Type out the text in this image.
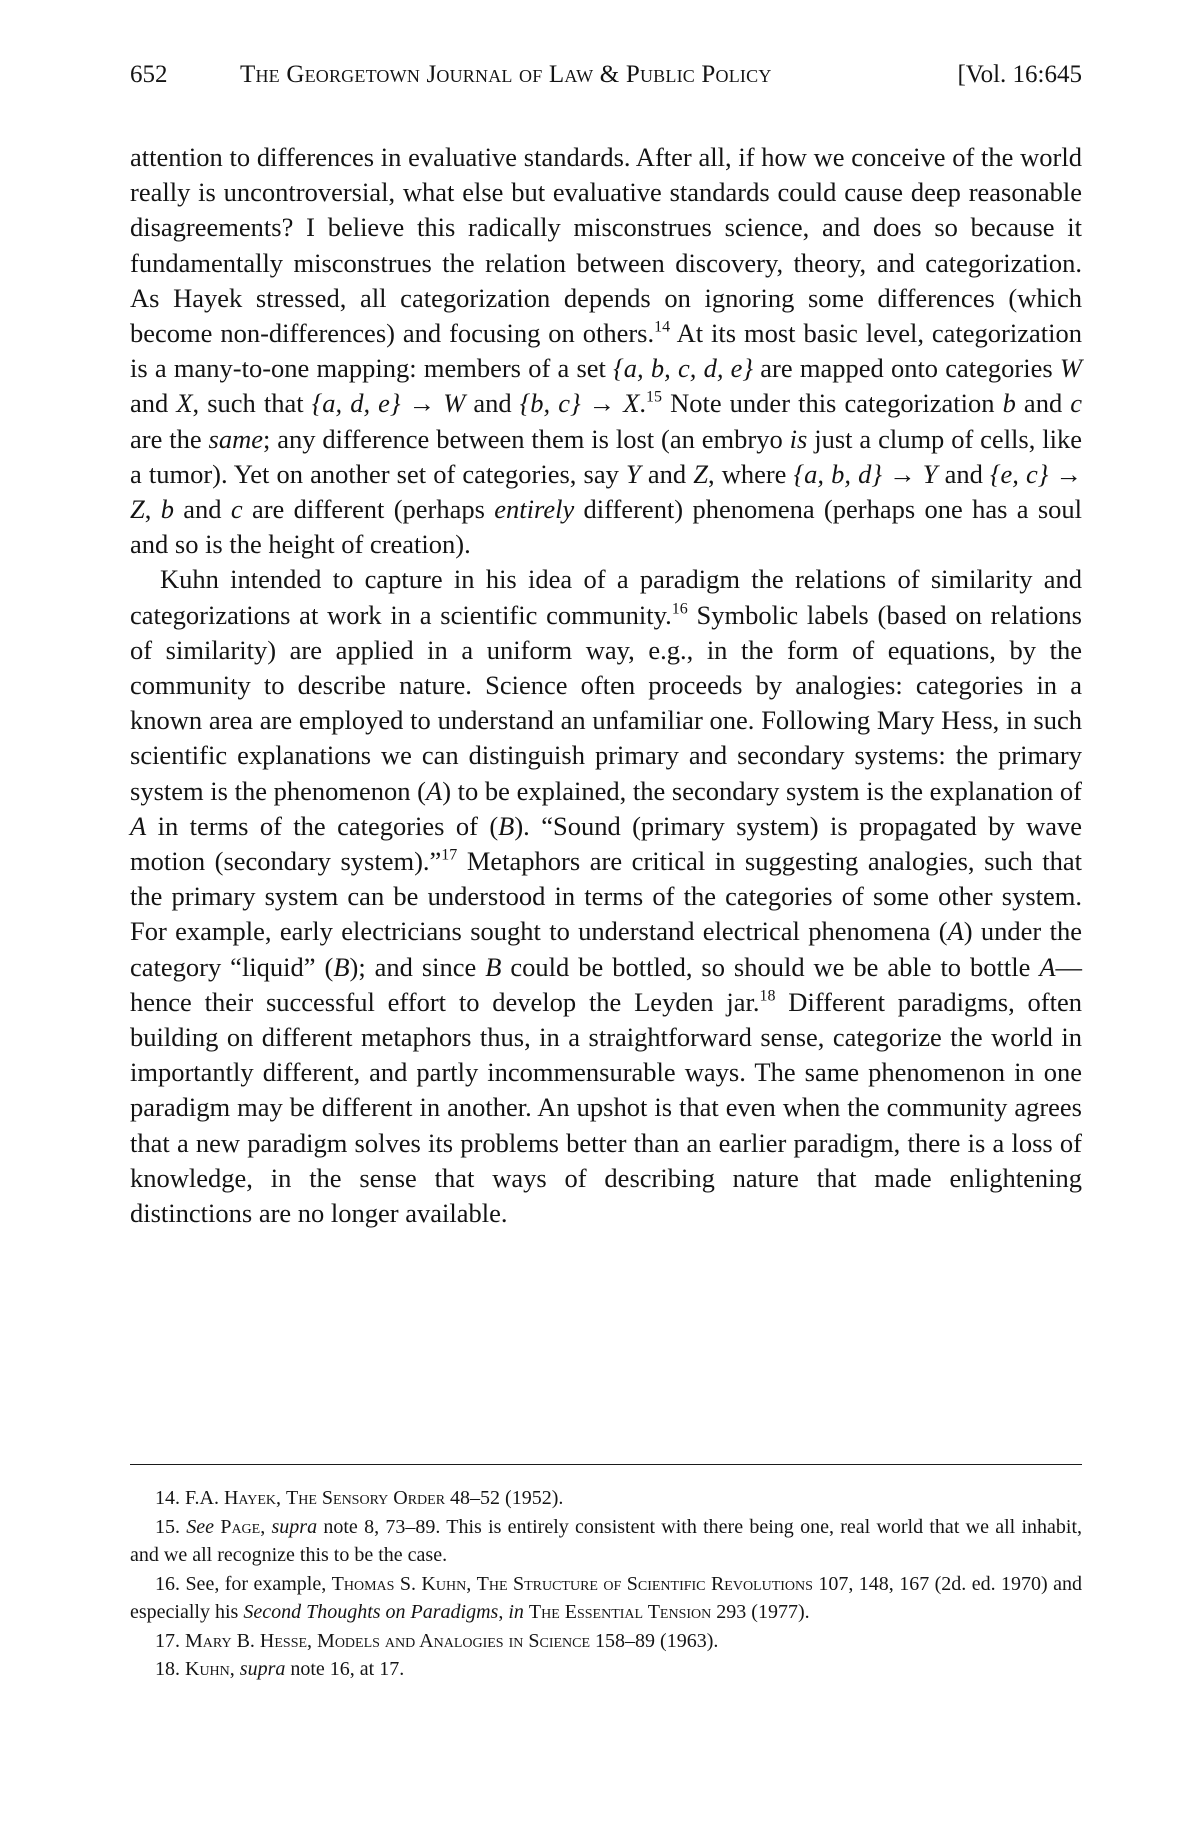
652	The Georgetown Journal of Law & Public Policy	[Vol. 16:645

attention to differences in evaluative standards. After all, if how we conceive of the world really is uncontroversial, what else but evaluative standards could cause deep reasonable disagreements? I believe this radically misconstrues science, and does so because it fundamentally misconstrues the relation between discovery, theory, and categorization. As Hayek stressed, all categorization depends on ignoring some differences (which become non-differences) and focusing on others.$^{14}$ At its most basic level, categorization is a many-to-one mapping: members of a set {a, b, c, d, e} are mapped onto categories W and X, such that {a, d, e} → W and {b, c} → X.$^{15}$ Note under this categorization b and c are the same; any difference between them is lost (an embryo is just a clump of cells, like a tumor). Yet on another set of categories, say Y and Z, where {a, b, d} → Y and {e, c} → Z, b and c are different (perhaps entirely different) phenomena (perhaps one has a soul and so is the height of creation).

Kuhn intended to capture in his idea of a paradigm the relations of similarity and categorizations at work in a scientific community.$^{16}$ Symbolic labels (based on relations of similarity) are applied in a uniform way, e.g., in the form of equations, by the community to describe nature. Science often proceeds by analogies: categories in a known area are employed to understand an unfamiliar one. Following Mary Hess, in such scientific explanations we can distinguish primary and secondary systems: the primary system is the phenomenon (A) to be explained, the secondary system is the explanation of A in terms of the categories of (B). “Sound (primary system) is propagated by wave motion (secondary system).”$^{17}$ Metaphors are critical in suggesting analogies, such that the primary system can be understood in terms of the categories of some other system. For example, early electricians sought to understand electrical phenomena (A) under the category “liquid” (B); and since B could be bottled, so should we be able to bottle A—hence their successful effort to develop the Leyden jar.$^{18}$ Different paradigms, often building on different metaphors thus, in a straightforward sense, categorize the world in importantly different, and partly incommensurable ways. The same phenomenon in one paradigm may be different in another. An upshot is that even when the community agrees that a new paradigm solves its problems better than an earlier paradigm, there is a loss of knowledge, in the sense that ways of describing nature that made enlightening distinctions are no longer available.

14. F.A. Hayek, The Sensory Order 48–52 (1952).

15. See Page, supra note 8, 73–89. This is entirely consistent with there being one, real world that we all inhabit, and we all recognize this to be the case.

16. See, for example, Thomas S. Kuhn, The Structure of Scientific Revolutions 107, 148, 167 (2d. ed. 1970) and especially his Second Thoughts on Paradigms, in The Essential Tension 293 (1977).

17. Mary B. Hesse, Models and Analogies in Science 158–89 (1963).

18. Kuhn, supra note 16, at 17.
